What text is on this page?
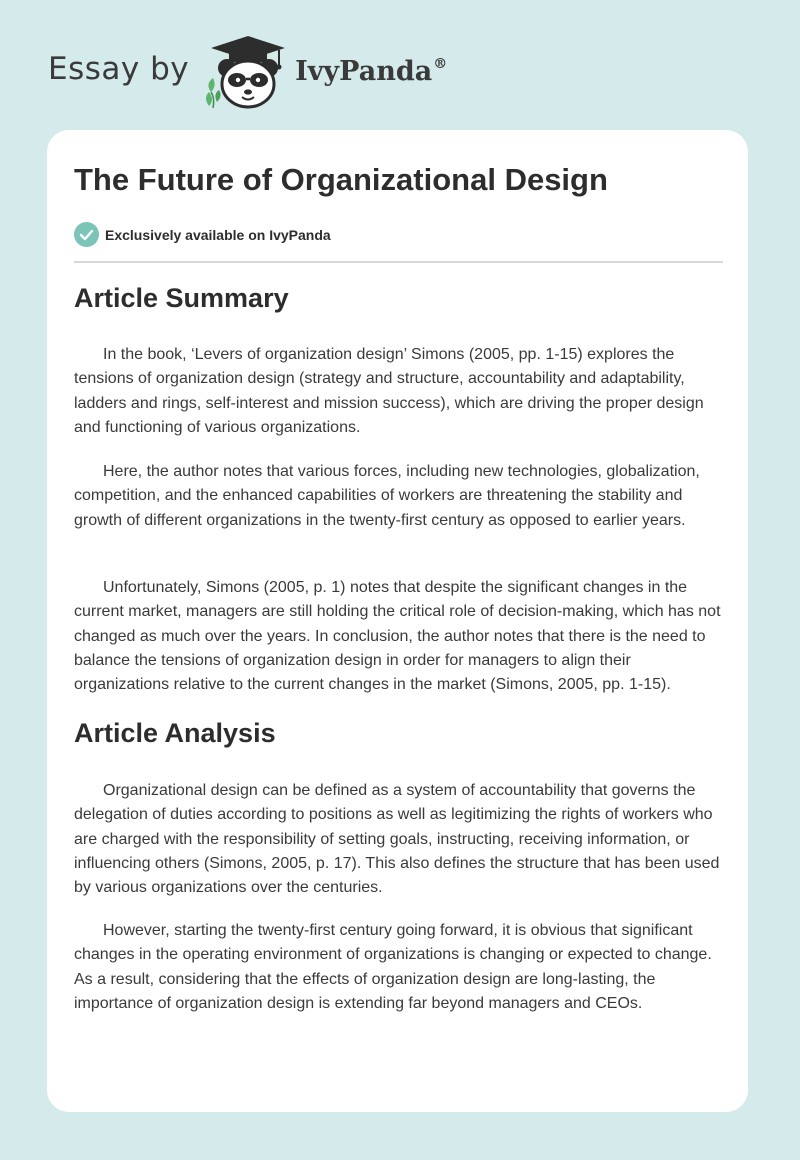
Essay by	IvyPanda®
The Future of Organizational Design
Exclusively available on IvyPanda
Article Summary

In the book, ‘Levers of organization design’ Simons (2005, pp. 1-15) explores the tensions of organization design (strategy and structure, accountability and adaptability, ladders and rings, self-interest and mission success), which are driving the proper design and functioning of various organizations.

Here, the author notes that various forces, including new technologies, globalization, competition, and the enhanced capabilities of workers are threatening the stability and growth of different organizations in the twenty-first century as opposed to earlier years.

Unfortunately, Simons (2005, p. 1) notes that despite the significant changes in the current market, managers are still holding the critical role of decision-making, which has not changed as much over the years. In conclusion, the author notes that there is the need to balance the tensions of organization design in order for managers to align their organizations relative to the current changes in the market (Simons, 2005, pp. 1-15).

Article Analysis

Organizational design can be defined as a system of accountability that governs the delegation of duties according to positions as well as legitimizing the rights of workers who are charged with the responsibility of setting goals, instructing, receiving information, or influencing others (Simons, 2005, p. 17). This also defines the structure that has been used by various organizations over the centuries.

However, starting the twenty-first century going forward, it is obvious that significant changes in the operating environment of organizations is changing or expected to change. As a result, considering that the effects of organization design are long-lasting, the importance of organization design is extending far beyond managers and CEOs.
